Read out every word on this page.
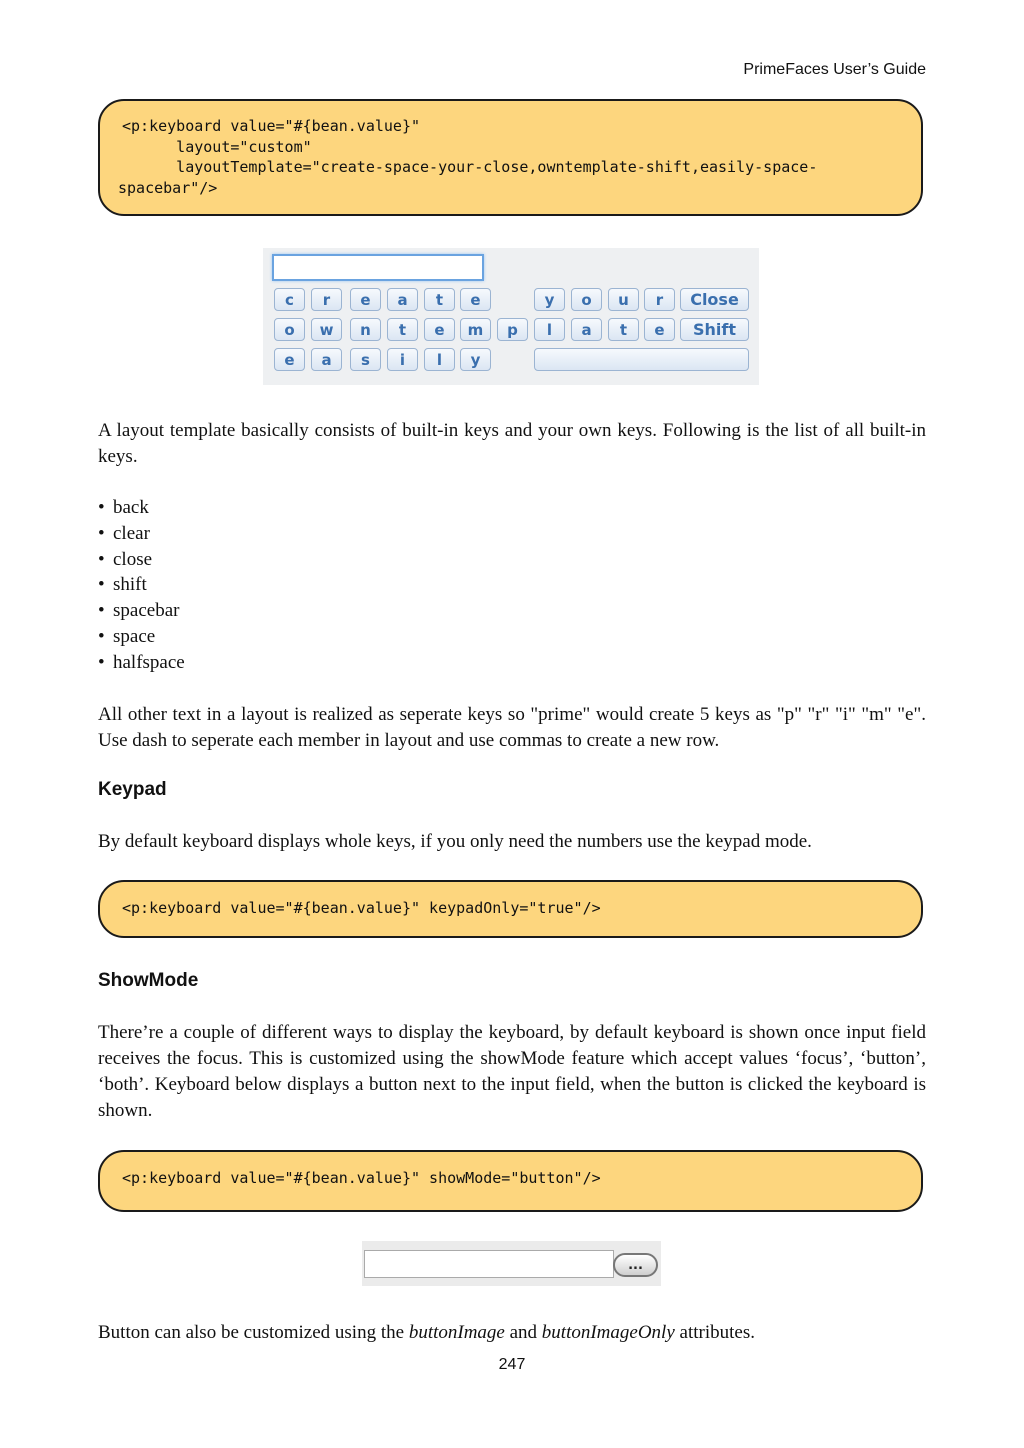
PrimeFaces User’s Guide
<p:keyboard value="#{bean.value}"
layout="custom"
layoutTemplate="create-space-your-close,owntemplate-shift,easily-space-
spacebar"/>
c	r	e	a	t	e	y	o	u	r	Close
o	w	n	t	e	m	p	l	a	t	e	Shift
e	a	s	i	l	y
A layout template basically consists of built-in keys and your own keys. Following is the list of all built-in keys.
• back
• clear
• close
• shift
• spacebar
• space
• halfspace
All other text in a layout is realized as seperate keys so "prime" would create 5 keys as "p" "r" "i" "m" "e". Use dash to seperate each member in layout and use commas to create a new row.
Keypad
By default keyboard displays whole keys, if you only need the numbers use the keypad mode.
<p:keyboard value="#{bean.value}" keypadOnly="true"/>
ShowMode
There’re a couple of different ways to display the keyboard, by default keyboard is shown once input field receives the focus. This is customized using the showMode feature which accept values ‘focus’, ‘button’, ‘both’. Keyboard below displays a button next to the input field, when the button is clicked the keyboard is shown.
<p:keyboard value="#{bean.value}" showMode="button"/>
...
Button can also be customized using the buttonImage and buttonImageOnly attributes.
247
